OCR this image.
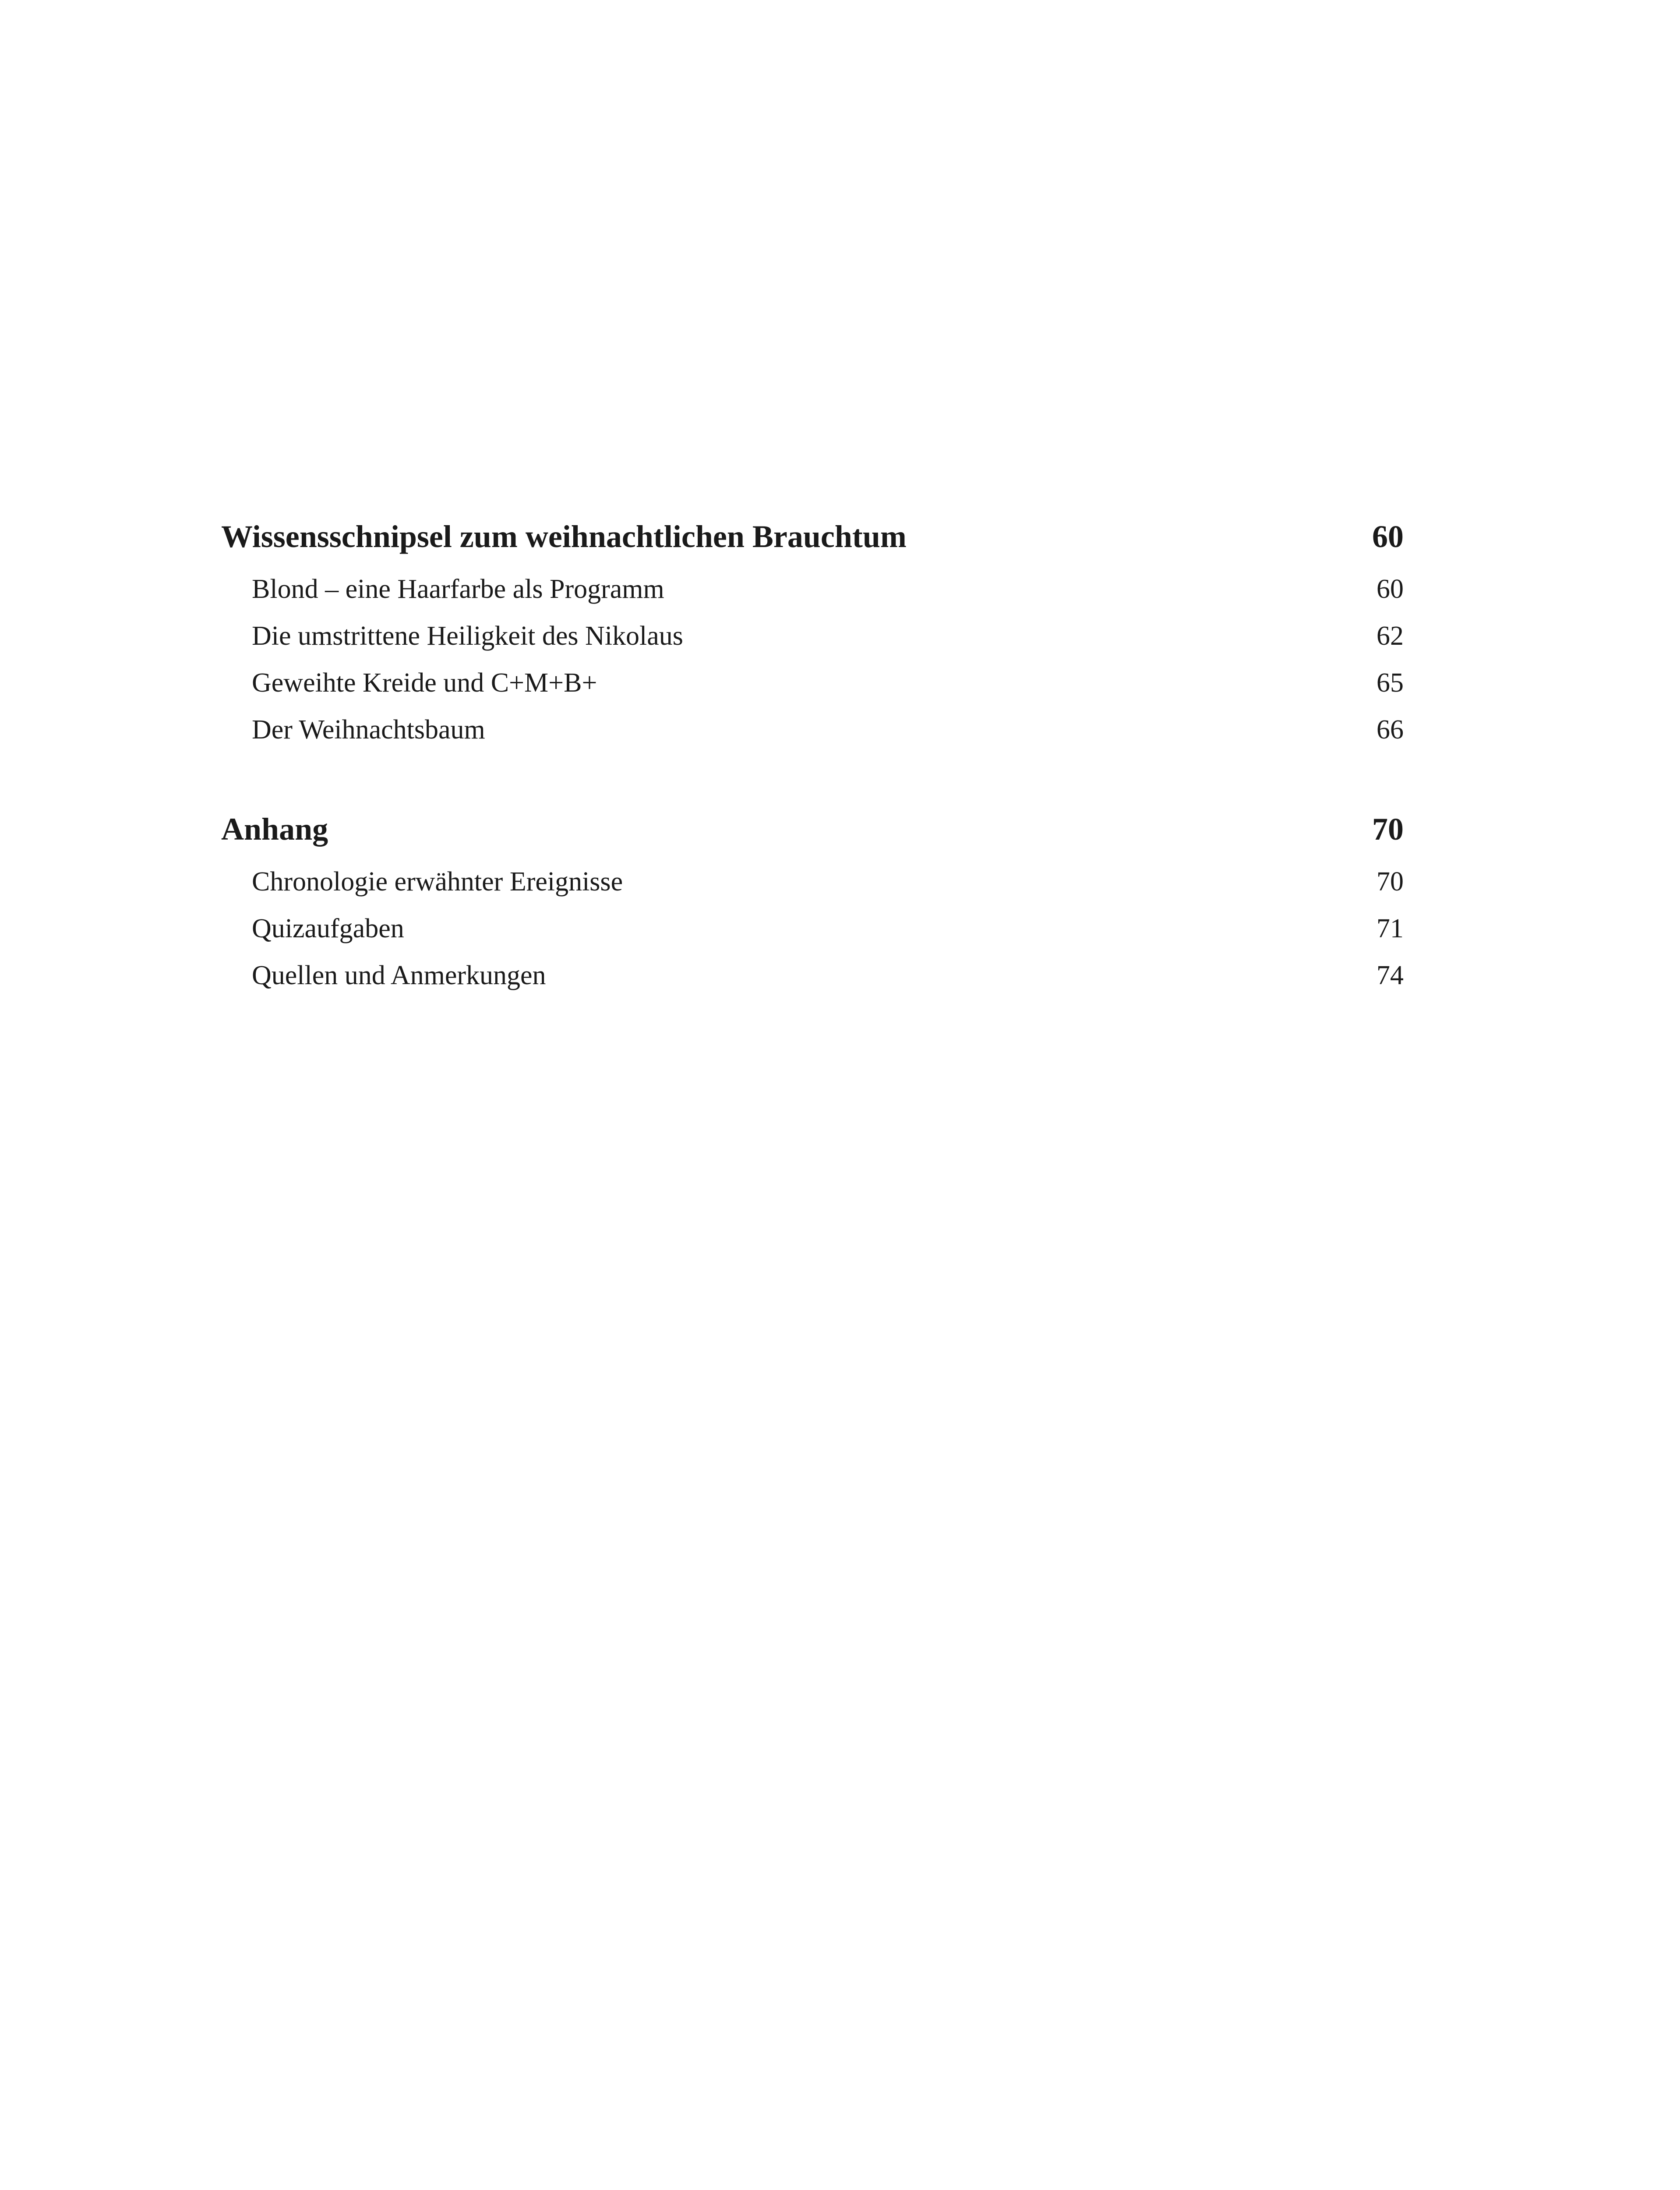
Wissensschnipsel zum weihnachtlichen Brauchtum	60
Blond – eine Haarfarbe als Programm	60
Die umstrittene Heiligkeit des Nikolaus	62
Geweihte Kreide und C+M+B+	65
Der Weihnachtsbaum	66
Anhang	70
Chronologie erwähnter Ereignisse	70
Quizaufgaben	71
Quellen und Anmerkungen	74
